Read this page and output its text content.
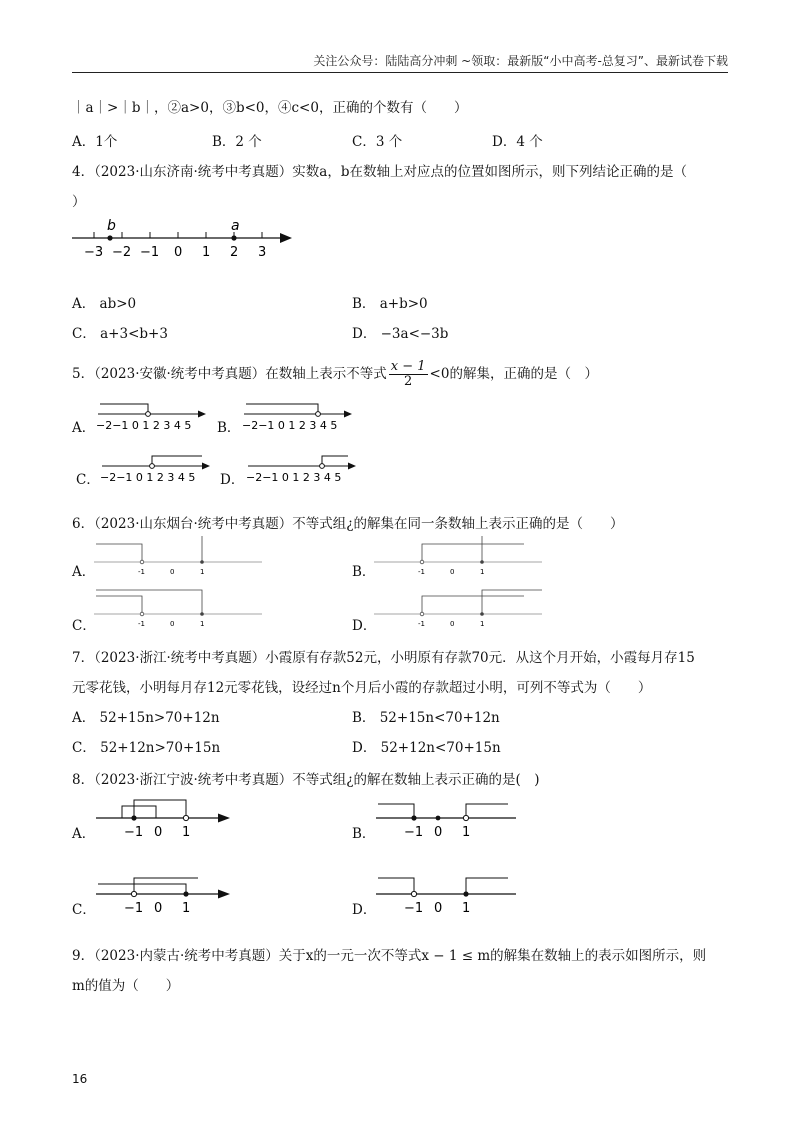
关注公众号：陆陆高分冲刺 ~领取：最新版“小中高考-总复习”、最新试卷下载
｜a｜>｜b｜，②a>0，③b<0，④c<0，正确的个数有（　　）
A．1个	B．2 个	C．3 个	D．4 个
4．（2023·山东济南·统考中考真题）实数a，b在数轴上对应点的位置如图所示，则下列结论正确的是（
）
b	a
−3 −2 −1 0 1 2 3
A． ab>0	B． a+b>0
C． a+3<b+3	D． −3a<−3b
5．（2023·安徽·统考中考真题）在数轴上表示不等式 $\frac{x - 1}{2} <0$的解集，正确的是（　）
A． −2−1 0 1 2 3 4 5 B． −2−1 0 1 2 3 4 5
C． −2−1 0 1 2 3 4 5 D． −2−1 0 1 2 3 4 5
6．（2023·山东烟台·统考中考真题）不等式组¿的解集在同一条数轴上表示正确的是（　　）
A．	-1	0	1	B．	-1	0	1
C．	-1	0	1	D．	-1	0	1
7．（2023·浙江·统考中考真题）小霞原有存款52元，小明原有存款70元．从这个月开始，小霞每月存15
元零花钱，小明每月存12元零花钱，设经过n个月后小霞的存款超过小明，可列不等式为（　　）
A． 52+15n>70+12n	B． 52+15n<70+12n
C． 52+12n>70+15n	D． 52+12n<70+15n
8．（2023·浙江宁波·统考中考真题）不等式组¿的解在数轴上表示正确的是(　)
A． −1 0 1	B． −1 0 1
C． −1 0 1	D． −1 0 1
9．（2023·内蒙古·统考中考真题）关于x的一元一次不等式x − 1 ≤ m的解集在数轴上的表示如图所示，则
m的值为（　　）
16
